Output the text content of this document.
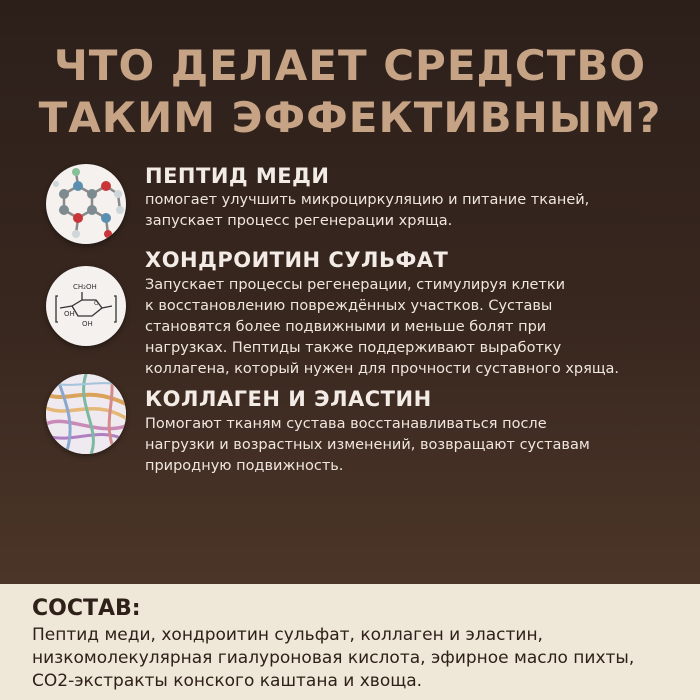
ЧТО ДЕЛАЕТ СРЕДСТВО
ТАКИМ ЭФФЕКТИВНЫМ?
ПЕПТИД МЕДИ
помогает улучшить микроциркуляцию и питание тканей,
запускает процесс регенерации хряща.
CH₂OH
O
OH
OH
ХОНДРОИТИН СУЛЬФАТ
Запускает процессы регенерации, стимулируя клетки
к восстановлению повреждённых участков. Суставы
становятся более подвижными и меньше болят при
нагрузках. Пептиды также поддерживают выработку
коллагена, который нужен для прочности суставного хряща.
КОЛЛАГЕН И ЭЛАСТИН
Помогают тканям сустава восстанавливаться после
нагрузки и возрастных изменений, возвращают суставам
природную подвижность.
СОСТАВ:
Пептид меди, хондроитин сульфат, коллаген и эластин,
низкомолекулярная гиалуроновая кислота, эфирное масло пихты,
СО2-экстракты конского каштана и хвоща.
